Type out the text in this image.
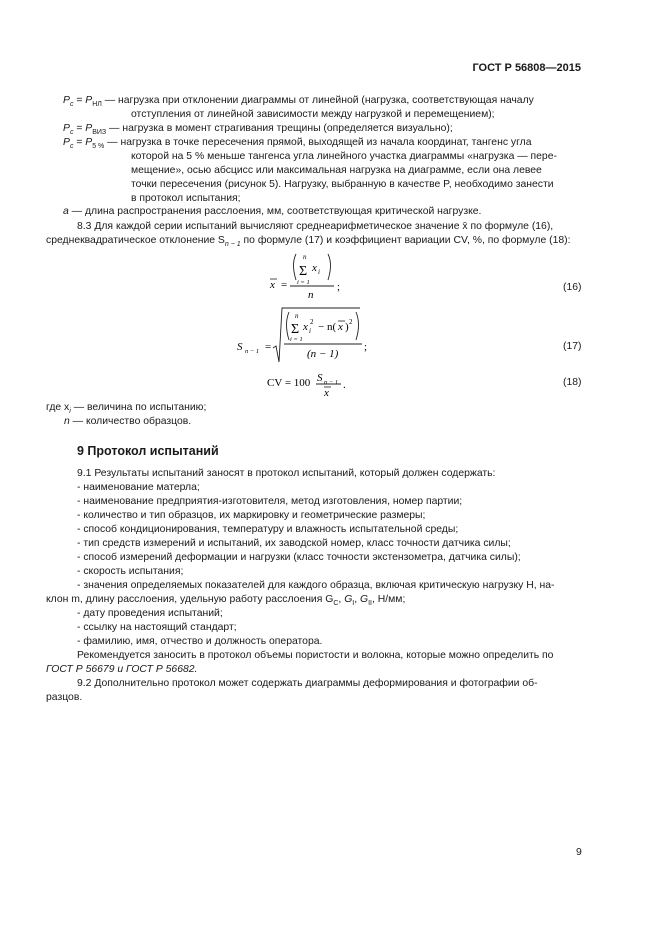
ГОСТ Р 56808—2015
$P_c = P_{НЛ}$ — нагрузка при отклонении диаграммы от линейной (нагрузка, соответствующая началу
отступления от линейной зависимости между нагрузкой и перемещением);
$P_c = P_{ВИЗ}$ — нагрузка в момент страгивания трещины (определяется визуально);
$P_c = P_{5 \%}$ — нагрузка в точке пересечения прямой, выходящей из начала координат, тангенс угла
которой на 5 % меньше тангенса угла линейного участка диаграммы «нагрузка — пере-
мещение», осью абсцисс или максимальная нагрузка на диаграмме, если она левее
точки пересечения (рисунок 5). Нагрузку, выбранную в качестве P, необходимо занести
в протокол испытания;
a — длина распространения расслоения, мм, соответствующая критической нагрузке.
8.3 Для каждой серии испытаний вычисляют среднеарифметическое значение x̄ по формуле (16),
среднеквадратическое отклонение $S_{n - 1}$ по формуле (17) и коэффициент вариации CV, %, по формуле (18):
x =
n
Σ
i = 1
x i
n
;	(16)
S n − 1 =
n
Σ
i = 1
x 2
i − n( x ) 2
(n − 1)
;	(17)
CV = 100 S n − 1
x
.	(18)
где $x_i$ — величина по испытанию;
n — количество образцов.
9 Протокол испытаний
9.1 Результаты испытаний заносят в протокол испытаний, который должен содержать:
- наименование матерла;
- наименование предприятия-изготовителя, метод изготовления, номер партии;
- количество и тип образцов, их маркировку и геометрические размеры;
- способ кондиционирования, температуру и влажность испытательной среды;
- тип средств измерений и испытаний, их заводской номер, класс точности датчика силы;
- способ измерений деформации и нагрузки (класс точности экстензометра, датчика силы);
- скорость испытания;
- значения определяемых показателей для каждого образца, включая критическую нагрузку H, на-
клон m, длину расслоения, удельную работу расслоения $G_C$, $G_I$, $G_{II}$, Н/мм;
- дату проведения испытаний;
- ссылку на настоящий стандарт;
- фамилию, имя, отчество и должность оператора.
Рекомендуется заносить в протокол объемы пористости и волокна, которые можно определить по
ГОСТ Р 56679 и ГОСТ Р 56682.
9.2 Дополнительно протокол может содержать диаграммы деформирования и фотографии об-
разцов.
9
